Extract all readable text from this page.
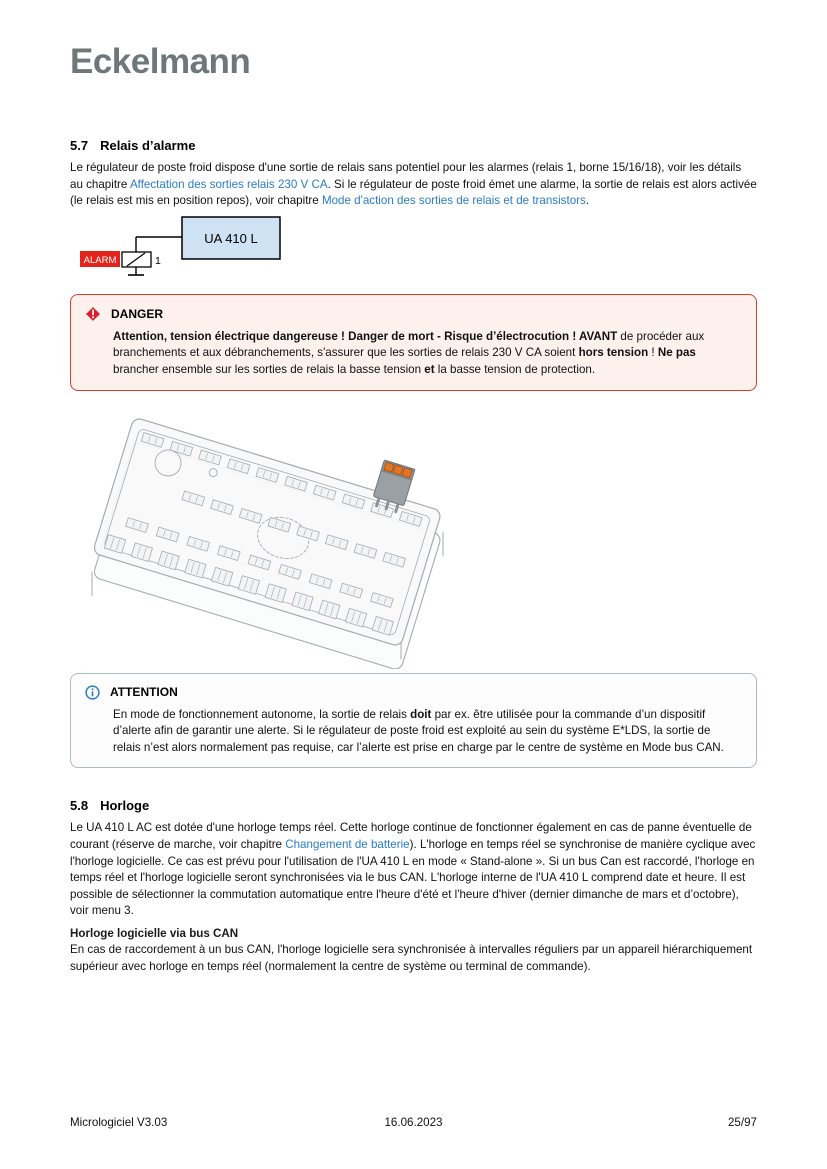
Eckelmann
5.7 Relais d’alarme

Le régulateur de poste froid dispose d'une sortie de relais sans potentiel pour les alarmes (relais 1, borne 15/16/18), voir les détails au chapitre Affectation des sorties relais 230 V CA. Si le régulateur de poste froid émet une alarme, la sortie de relais est alors activée (le relais est mis en position repos), voir chapitre Mode d'action des sorties de relais et de transistors.

ALARM	1
UA 410 L
DANGER
Attention, tension électrique dangereuse ! Danger de mort - Risque d’électrocution ! AVANT de procéder aux branchements et aux débranchements, s'assurer que les sorties de relais 230 V CA soient hors tension ! Ne pas brancher ensemble sur les sorties de relais la basse tension et la basse tension de protection.
ATTENTION
En mode de fonctionnement autonome, la sortie de relais doit par ex. être utilisée pour la commande d’un dispositif d’alerte afin de garantir une alerte. Si le régulateur de poste froid est exploité au sein du système E*LDS, la sortie de relais n’est alors normalement pas requise, car l’alerte est prise en charge par le centre de système en Mode bus CAN.
5.8 Horloge

Le UA 410 L AC est dotée d'une horloge temps réel. Cette horloge continue de fonctionner également en cas de panne éventuelle de courant (réserve de marche, voir chapitre Changement de batterie). L'horloge en temps réel se synchronise de manière cyclique avec l'horloge logicielle. Ce cas est prévu pour l'utilisation de l'UA 410 L en mode « Stand-alone ». Si un bus Can est raccordé, l'horloge en temps réel et l'horloge logicielle seront synchronisées via le bus CAN. L'horloge interne de l'UA 410 L comprend date et heure. Il est possible de sélectionner la commutation automatique entre l'heure d'été et l'heure d'hiver (dernier dimanche de mars et d’octobre), voir menu 3.

Horloge logicielle via bus CAN

En cas de raccordement à un bus CAN, l'horloge logicielle sera synchronisée à intervalles réguliers par un appareil hiérarchiquement supérieur avec horloge en temps réel (normalement la centre de système ou terminal de commande).

Micrologiciel V3.03	16.06.2023	25/97
